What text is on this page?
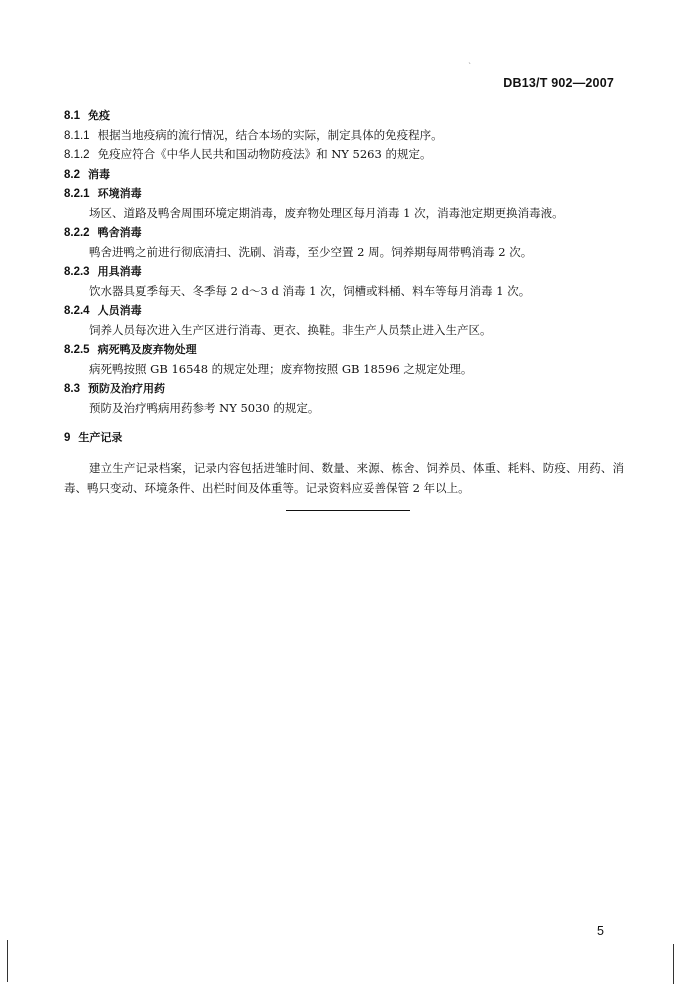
DB13/T 902—2007
`
8.1 免疫
8.1.1 根据当地疫病的流行情况，结合本场的实际，制定具体的免疫程序。
8.1.2 免疫应符合《中华人民共和国动物防疫法》和 NY 5263 的规定。
8.2 消毒
8.2.1 环境消毒
场区、道路及鸭舍周围环境定期消毒，废弃物处理区每月消毒 1 次，消毒池定期更换消毒液。
8.2.2 鸭舍消毒
鸭舍进鸭之前进行彻底清扫、洗刷、消毒，至少空置 2 周。饲养期每周带鸭消毒 2 次。
8.2.3 用具消毒
饮水器具夏季每天、冬季每 2 d～3 d 消毒 1 次，饲槽或料桶、料车等每月消毒 1 次。
8.2.4 人员消毒
饲养人员每次进入生产区进行消毒、更衣、换鞋。非生产人员禁止进入生产区。
8.2.5 病死鸭及废弃物处理
病死鸭按照 GB 16548 的规定处理；废弃物按照 GB 18596 之规定处理。
8.3 预防及治疗用药
预防及治疗鸭病用药参考 NY 5030 的规定。
9 生产记录
建立生产记录档案，记录内容包括进雏时间、数量、来源、栋舍、饲养员、体重、耗料、防疫、用药、消毒、鸭只变动、环境条件、出栏时间及体重等。记录资料应妥善保管 2 年以上。
5
